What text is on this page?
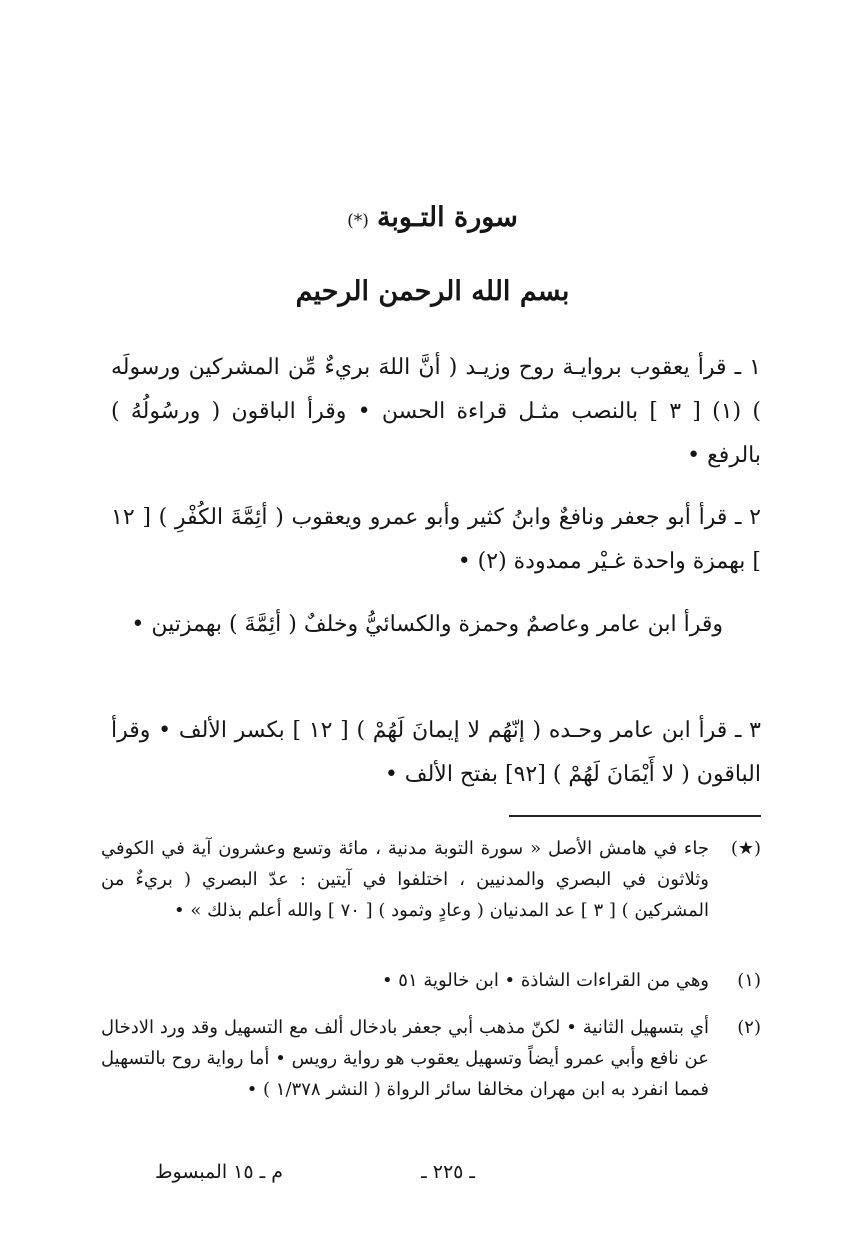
سورة التـوبة(*)
بسم الله الرحمن الرحيم
١ ـ قرأ يعقوب بروايـة روح وزيـد ( أنَّ اللهَ بريءٌ مِّن المشركين ورسولَه ) (١) [ ٣ ] بالنصب مثـل قراءة الحسن • وقرأ الباقون ( ورسُولُهُ ) بالرفع •
٢ ـ قرأ أبو جعفر ونافعٌ وابنُ كثير وأبو عمرو ويعقوب ( أئِمَّةَ الكُفْرِ ) [ ١٢ ] بهمزة واحدة غـيْر ممدودة (٢) •
وقرأ ابن عامر وعاصمٌ وحمزة والكسائيُّ وخلفٌ ( أئِمَّةَ ) بهمزتين •
٣ ـ قرأ ابن عامر وحـده ( إنّهُم لا إيمانَ لَهُمْ ) [ ١٢ ] بكسر الألف • وقرأ الباقون ( لا أَيْمَانَ لَهُمْ ) [٩٢] بفتح الألف •
(★)
جاء في هامش الأصل « سورة التوبة مدنية ، مائة وتسع وعشرون آية في الكوفي وثلاثون في البصري والمدنيين ، اختلفوا في آيتين : عدّ البصري ( بريءٌ من المشركين ) [ ٣ ] عد المدنيان ( وعادٍ وثمود ) [ ٧٠ ] والله أعلم بذلك » •
(١)
وهي من القراءات الشاذة • ابن خالوية ٥١ •
(٢)
أي بتسهيل الثانية • لكنّ مذهب أبي جعفر بادخال ألف مع التسهيل وقد ورد الادخال عن نافع وأبي عمرو أيضاً وتسهيل يعقوب هو رواية رويس • أما رواية روح بالتسهيل فمما انفرد به ابن مهران مخالفا سائر الرواة ( النشر ١/٣٧٨ ) •
ـ ٢٢٥ ـ
م ـ ١٥ المبسوط
